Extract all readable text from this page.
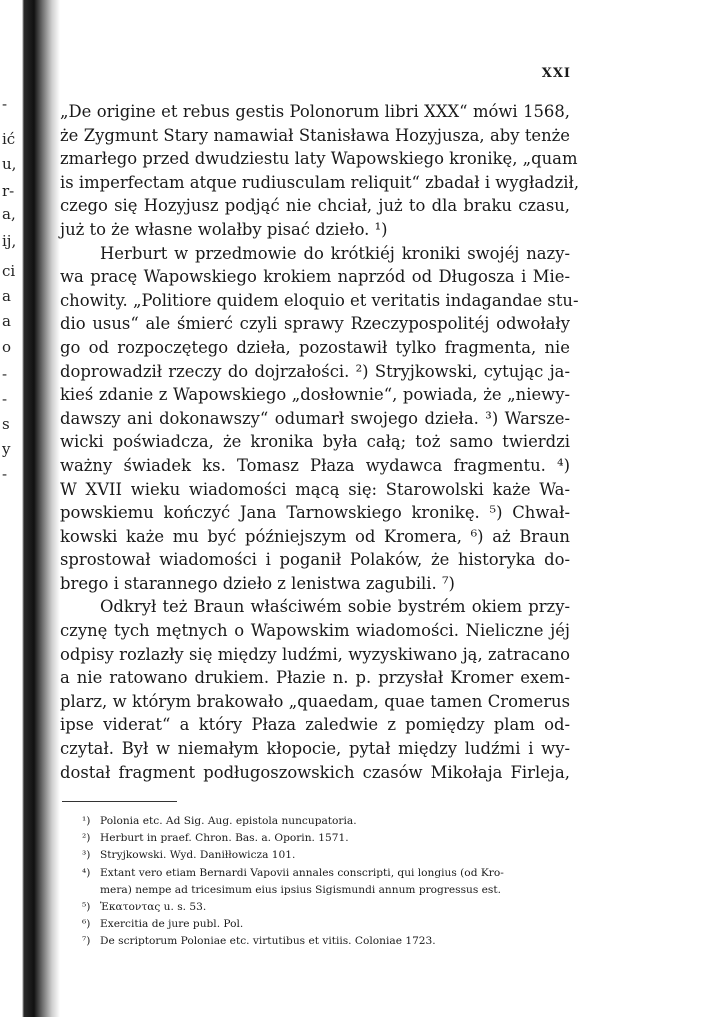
-
ić
u,
r-
a,
ij,
ci
a
a
o
-
-
s
y
-
XXI
„De origine et rebus gestis Polonorum libri XXX“ mówi 1568,
że Zygmunt Stary namawiał Stanisława Hozyjusza, aby tenże
zmarłego przed dwudziestu laty Wapowskiego kronikę, „quam
is imperfectam atque rudiusculam reliquit“ zbadał i wygładził,
czego się Hozyjusz podjąć nie chciał, już to dla braku czasu,
już to że własne wolałby pisać dzieło. ¹)
Herburt w przedmowie do krótkiéj kroniki swojéj nazy-
wa pracę Wapowskiego krokiem naprzód od Długosza i Mie-
chowity. „Politiore quidem eloquio et veritatis indagandae stu-
dio usus“ ale śmierć czyli sprawy Rzeczypospolitéj odwołały
go od rozpoczętego dzieła, pozostawił tylko fragmenta, nie
doprowadził rzeczy do dojrzałości. ²) Stryjkowski, cytując ja-
kieś zdanie z Wapowskiego „dosłownie“, powiada, że „niewy-
dawszy ani dokonawszy“ odumarł swojego dzieła. ³) Warsze-
wicki poświadcza, że kronika była całą; toż samo twierdzi
ważny świadek ks. Tomasz Płaza wydawca fragmentu. ⁴)
W XVII wieku wiadomości mącą się: Starowolski każe Wa-
powskiemu kończyć Jana Tarnowskiego kronikę. ⁵) Chwał-
kowski każe mu być późniejszym od Kromera, ⁶) aż Braun
sprostował wiadomości i poganił Polaków, że historyka do-
brego i starannego dzieło z lenistwa zagubili. ⁷)
Odkrył też Braun właściwém sobie bystrém okiem przy-
czynę tych mętnych o Wapowskim wiadomości. Nieliczne jéj
odpisy rozlazły się między ludźmi, wyzyskiwano ją, zatracano
a nie ratowano drukiem. Płazie n. p. przysłał Kromer exem-
plarz, w którym brakowało „quaedam, quae tamen Cromerus
ipse viderat“ a który Płaza zaledwie z pomiędzy plam od-
czytał. Był w niemałym kłopocie, pytał między ludźmi i wy-
dostał fragment podługoszowskich czasów Mikołaja Firleja,
¹) Polonia etc. Ad Sig. Aug. epistola nuncupatoria.
²) Herburt in praef. Chron. Bas. a. Oporin. 1571.
³) Stryjkowski. Wyd. Daniłłowicza 101.
⁴) Extant vero etiam Bernardi Vapovii annales conscripti, qui longius (od Kro-
mera) nempe ad tricesimum eius ipsius Sigismundi annum progressus est.
⁵) Ἑκατοντας u. s. 53.
⁶) Exercitia de jure publ. Pol.
⁷) De scriptorum Poloniae etc. virtutibus et vitiis. Coloniae 1723.
